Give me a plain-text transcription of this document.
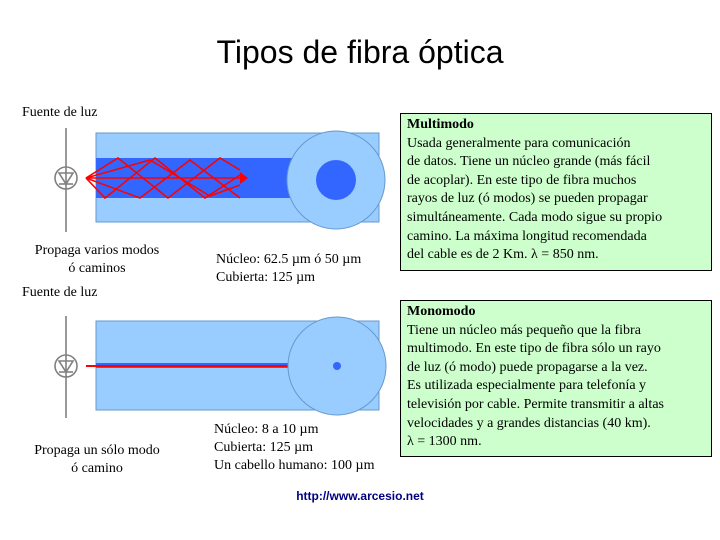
Tipos de fibra óptica
Fuente de luz
Propaga varios modos
ó caminos
Núcleo: 62.5 µm ó 50 µm
Cubierta: 125 µm
Fuente de luz
Propaga un sólo modo
ó camino
Núcleo: 8 a 10 µm
Cubierta: 125 µm
Un cabello humano: 100 µm
Multimodo
Usada generalmente para comunicación
de datos. Tiene un núcleo grande (más fácil
de acoplar). En este tipo de fibra muchos
rayos de luz (ó modos) se pueden propagar
simultáneamente. Cada modo sigue su propio
camino. La máxima longitud recomendada
del cable es de 2 Km. λ = 850 nm.
Monomodo
Tiene un núcleo más pequeño que la fibra
multimodo. En este tipo de fibra sólo un rayo
de luz (ó modo) puede propagarse a la vez.
Es utilizada especialmente para telefonía y
televisión por cable. Permite transmitir a altas
velocidades y a grandes distancias (40 km).
λ = 1300 nm.
http://www.arcesio.net
